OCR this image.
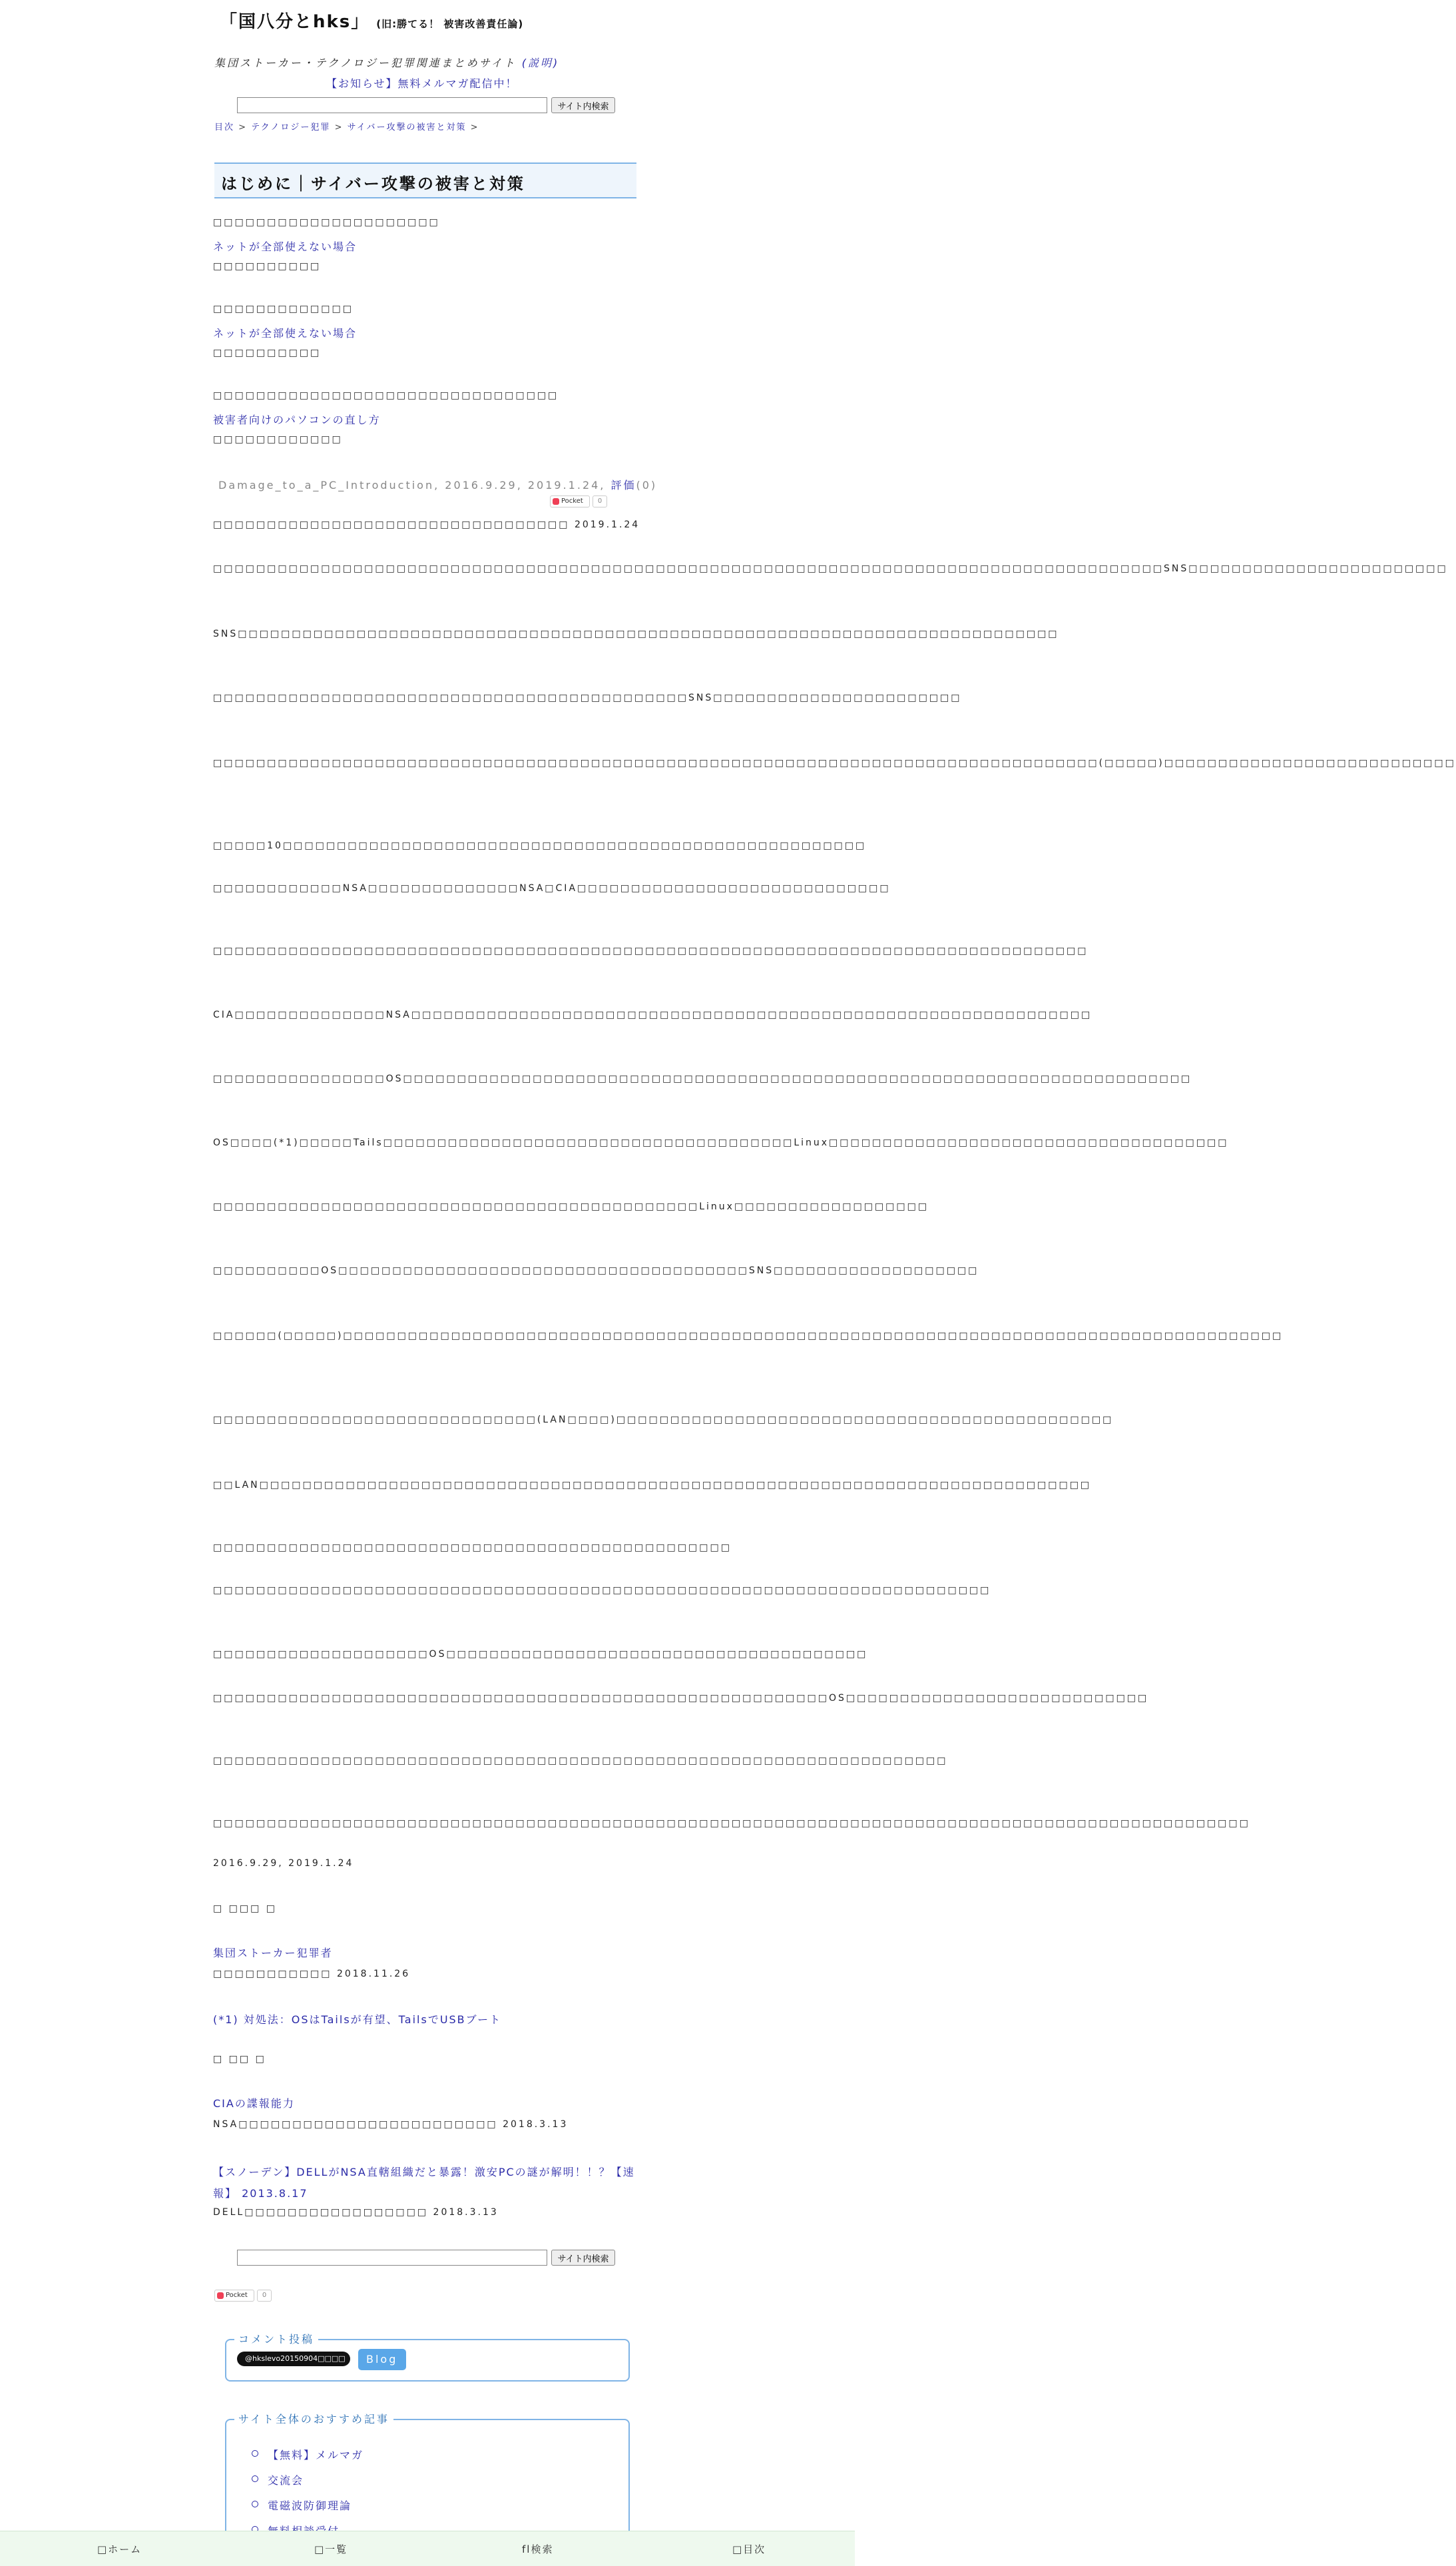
「国八分とhks」 (旧:勝てる！ 被害改善責任論)
集団ストーカー・テクノロジー犯罪関連まとめサイト (説明)
【お知らせ】無料メルマガ配信中！
サイト内検索
目次 > テクノロジー犯罪 > サイバー攻撃の被害と対策 >
はじめに｜サイバー攻撃の被害と対策
□□□□□□□□□□□□□□□□□□□□□
ネットが全部使えない場合
□□□□□□□□□□
□□□□□□□□□□□□□
ネットが全部使えない場合
□□□□□□□□□□
□□□□□□□□□□□□□□□□□□□□□□□□□□□□□□□□
被害者向けのパソコンの直し方
□□□□□□□□□□□□
Damage_to_a_PC_Introduction, 2016.9.29, 2019.1.24, 評価(0)
Pocket	0
□□□□□□□□□□□□□□□□□□□□□□□□□□□□□□□□□ 2019.1.24
□□□□□□□□□□□□□□□□□□□□□□□□□□□□□□□□□□□□□□□□□□□□□□□□□□□□□□□□□□□□□□□□□□□□□□□□□□□□□□□□□□□□□□□□SNS□□□□□□□□□□□□□□□□□□□□□□□□
SNS□□□□□□□□□□□□□□□□□□□□□□□□□□□□□□□□□□□□□□□□□□□□□□□□□□□□□□□□□□□□□□□□□□□□□□□□□□□□
□□□□□□□□□□□□□□□□□□□□□□□□□□□□□□□□□□□□□□□□□□□□SNS□□□□□□□□□□□□□□□□□□□□□□□
□□□□□□□□□□□□□□□□□□□□□□□□□□□□□□□□□□□□□□□□□□□□□□□□□□□□□□□□□□□□□□□□□□□□□□□□□□□□□□□□□□(□□□□□)□□□□□□□□□□□□□□□□□□□□□□□□□□□
□□□□□10□□□□□□□□□□□□□□□□□□□□□□□□□□□□□□□□□□□□□□□□□□□□□□□□□□□□□□
□□□□□□□□□□□□NSA□□□□□□□□□□□□□□NSA□CIA□□□□□□□□□□□□□□□□□□□□□□□□□□□□□
□□□□□□□□□□□□□□□□□□□□□□□□□□□□□□□□□□□□□□□□□□□□□□□□□□□□□□□□□□□□□□□□□□□□□□□□□□□□□□□□□
CIA□□□□□□□□□□□□□□NSA□□□□□□□□□□□□□□□□□□□□□□□□□□□□□□□□□□□□□□□□□□□□□□□□□□□□□□□□□□□□□□□
□□□□□□□□□□□□□□□□OS□□□□□□□□□□□□□□□□□□□□□□□□□□□□□□□□□□□□□□□□□□□□□□□□□□□□□□□□□□□□□□□□□□□□□□□□□
OS□□□□(*1)□□□□□Tails□□□□□□□□□□□□□□□□□□□□□□□□□□□□□□□□□□□□□□Linux□□□□□□□□□□□□□□□□□□□□□□□□□□□□□□□□□□□□□
□□□□□□□□□□□□□□□□□□□□□□□□□□□□□□□□□□□□□□□□□□□□□Linux□□□□□□□□□□□□□□□□□□
□□□□□□□□□□OS□□□□□□□□□□□□□□□□□□□□□□□□□□□□□□□□□□□□□□SNS□□□□□□□□□□□□□□□□□□□
□□□□□□(□□□□□)□□□□□□□□□□□□□□□□□□□□□□□□□□□□□□□□□□□□□□□□□□□□□□□□□□□□□□□□□□□□□□□□□□□□□□□□□□□□□□□□□□□□□□□
□□□□□□□□□□□□□□□□□□□□□□□□□□□□□□(LAN□□□□)□□□□□□□□□□□□□□□□□□□□□□□□□□□□□□□□□□□□□□□□□□□□□□
□□LAN□□□□□□□□□□□□□□□□□□□□□□□□□□□□□□□□□□□□□□□□□□□□□□□□□□□□□□□□□□□□□□□□□□□□□□□□□□□□□
□□□□□□□□□□□□□□□□□□□□□□□□□□□□□□□□□□□□□□□□□□□□□□□□
□□□□□□□□□□□□□□□□□□□□□□□□□□□□□□□□□□□□□□□□□□□□□□□□□□□□□□□□□□□□□□□□□□□□□□□□
□□□□□□□□□□□□□□□□□□□□OS□□□□□□□□□□□□□□□□□□□□□□□□□□□□□□□□□□□□□□□
□□□□□□□□□□□□□□□□□□□□□□□□□□□□□□□□□□□□□□□□□□□□□□□□□□□□□□□□□OS□□□□□□□□□□□□□□□□□□□□□□□□□□□□
□□□□□□□□□□□□□□□□□□□□□□□□□□□□□□□□□□□□□□□□□□□□□□□□□□□□□□□□□□□□□□□□□□□□
□□□□□□□□□□□□□□□□□□□□□□□□□□□□□□□□□□□□□□□□□□□□□□□□□□□□□□□□□□□□□□□□□□□□□□□□□□□□□□□□□□□□□□□□□□□□□□□□
2016.9.29, 2019.1.24
□ □□□ □
集団ストーカー犯罪者
□□□□□□□□□□□ 2018.11.26
(*1) 対処法：OSはTailsが有望、TailsでUSBブート
□ □□ □
CIAの諜報能力
NSA□□□□□□□□□□□□□□□□□□□□□□□□ 2018.3.13
【スノーデン】DELLがNSA直轄組織だと暴露！激安PCの謎が解明！！？【速報】 2013.8.17
DELL□□□□□□□□□□□□□□□□□ 2018.3.13
サイト内検索
Pocket	0
コメント投稿
@hkslevo20150904□□□□ Blog
サイト全体のおすすめ記事
【無料】メルマガ
交流会
電磁波防御理論
□ホーム	□一覧	fl検索	□目次
